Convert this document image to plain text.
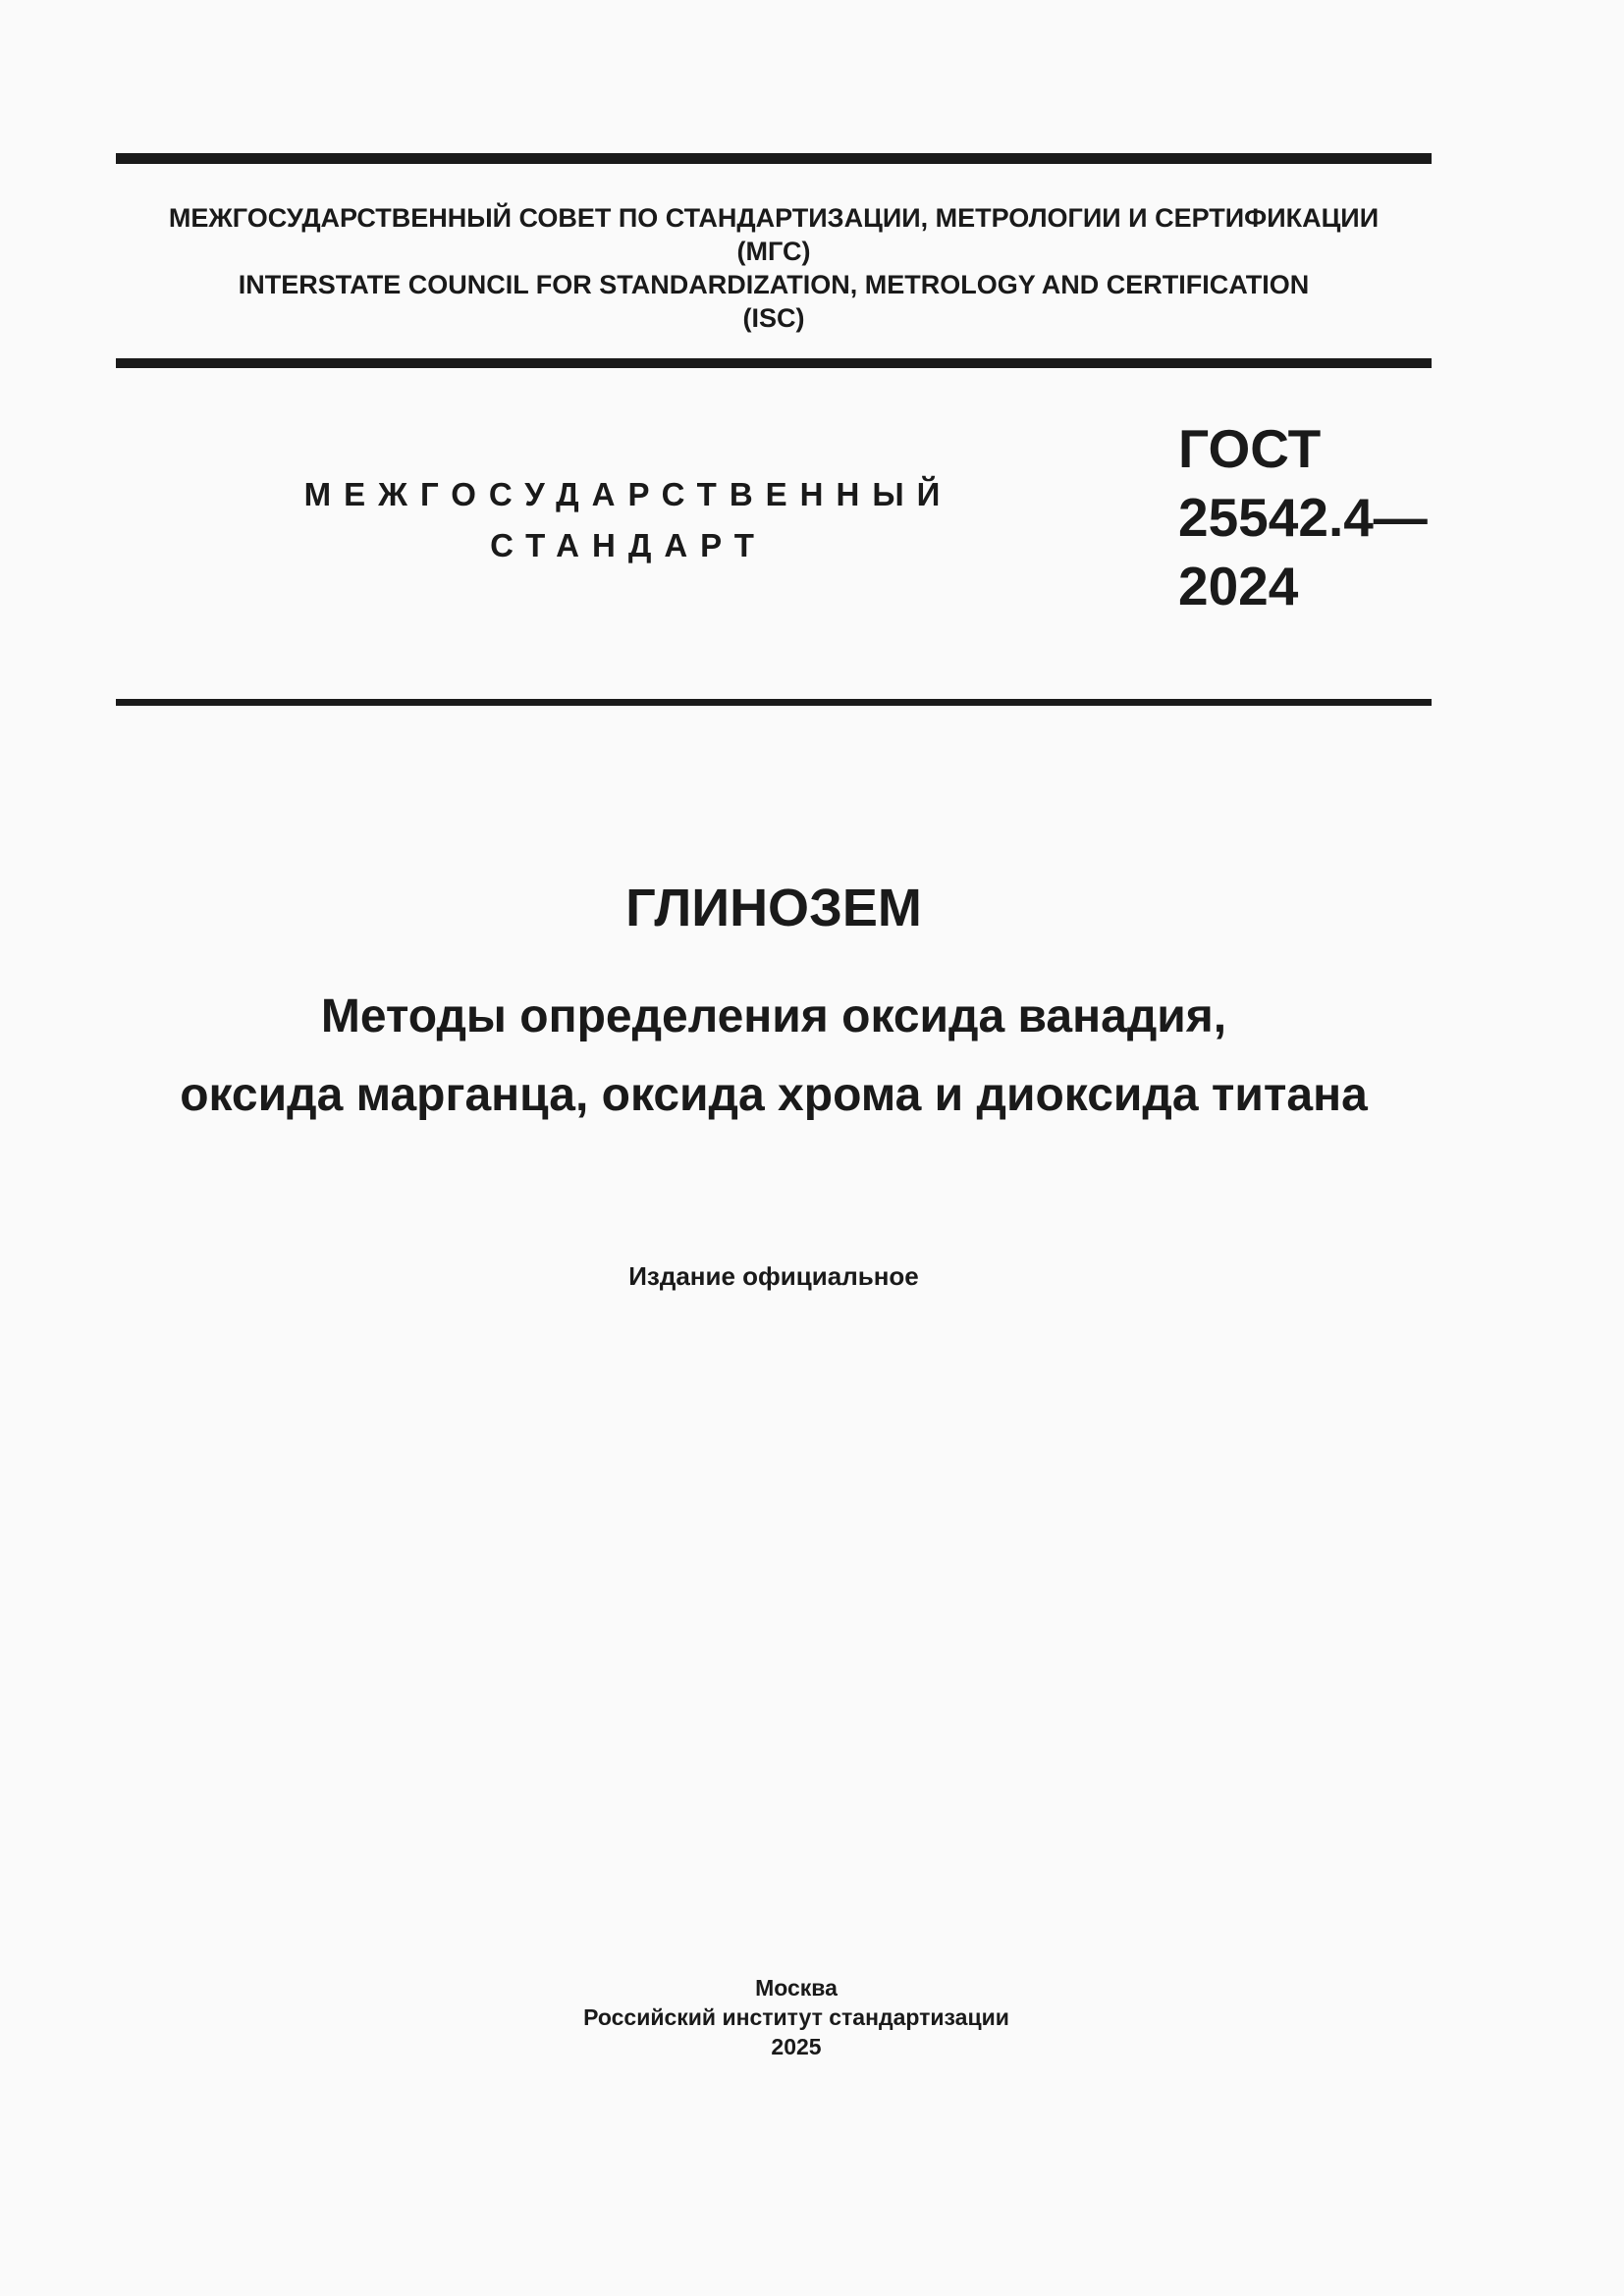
МЕЖГОСУДАРСТВЕННЫЙ СОВЕТ ПО СТАНДАРТИЗАЦИИ, МЕТРОЛОГИИ И СЕРТИФИКАЦИИ
(МГС)
INTERSTATE COUNCIL FOR STANDARDIZATION, METROLOGY AND CERTIFICATION
(ISC)
МЕЖГОСУДАРСТВЕННЫЙ
СТАНДАРТ
ГОСТ
25542.4—
2024
ГЛИНОЗЕМ
Методы определения оксида ванадия,
оксида марганца, оксида хрома и диоксида титана
Издание официальное
Москва
Российский институт стандартизации
2025
